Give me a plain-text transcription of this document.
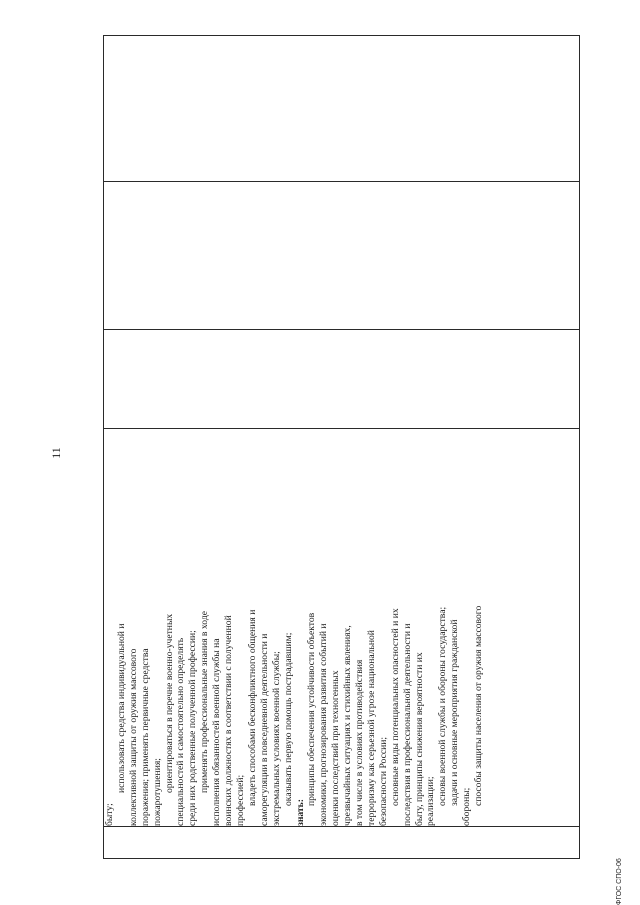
11

быту;
использовать средства индивидуальной и коллективной защиты от оружия массового поражения; применять первичные средства пожаротушения; ориентироваться в перечне военно-учетных специальностей и самостоятельно определять среди них родственные полученной профессии; применять профессиональные знания в ходе исполнения обязанностей военной службы на воинских должностях в соответствии с полученной профессией; владеть способами бесконфликтного общения и саморегуляции в повседневной деятельности и экстремальных условиях военной службы; оказывать первую помощь пострадавшим;
знать:
принципы обеспечения устойчивости объектов экономики, прогнозирования развития событий и оценки последствий при техногенных чрезвычайных ситуациях и стихийных явлениях, в том числе в условиях противодействия терроризму как серьезной угрозе национальной безопасности России; основные виды потенциальных опасностей и их последствия в профессиональной деятельности и быту, принципы снижения вероятности их реализации; основы военной службы и обороны государства; задачи и основные мероприятия гражданской
обороны;
способы защиты населения от оружия массового

ФГОС СПО-06
